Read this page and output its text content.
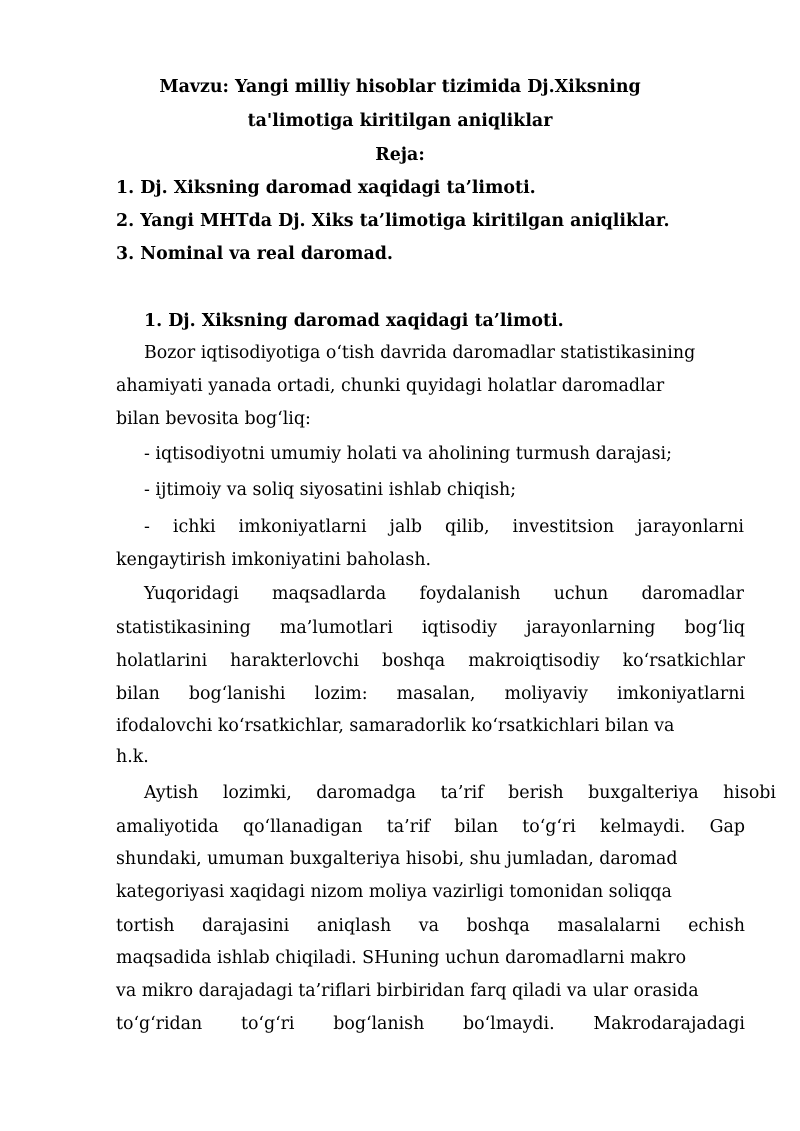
Mavzu: Yangi milliy hisoblar tizimida Dj.Xiksning

ta'limotiga kiritilgan aniqliklar

Reja:

1. Dj. Xiksning daromad xaqidagi ta’limoti.

2. Yangi MHTda Dj. Xiks ta’limotiga kiritilgan aniqliklar.

3. Nominal va real daromad.

1. Dj. Xiksning daromad xaqidagi ta’limoti.

Bozor iqtisodiyotiga o‘tish davrida daromadlar statistikasining

ahamiyati yanada ortadi, chunki quyidagi holatlar daromadlar

bilan bevosita bog‘liq:

- iqtisodiyotni umumiy holati va aholining turmush darajasi;

- ijtimoiy va soliq siyosatini ishlab chiqish;

- ichki imkoniyatlarni jalb qilib, investitsion jarayonlarni

kengaytirish imkoniyatini baholash.

Yuqoridagi maqsadlarda foydalanish uchun daromadlar

statistikasining ma’lumotlari iqtisodiy jarayonlarning bog‘liq

holatlarini harakterlovchi boshqa makroiqtisodiy ko‘rsatkichlar

bilan bog‘lanishi lozim: masalan, moliyaviy imkoniyatlarni

ifodalovchi ko‘rsatkichlar, samaradorlik ko‘rsatkichlari bilan va

h.k.

Aytish lozimki, daromadga ta’rif berish buxgalteriya hisobi

amaliyotida qo‘llanadigan ta’rif bilan to‘g‘ri kelmaydi. Gap

shundaki, umuman buxgalteriya hisobi, shu jumladan, daromad

kategoriyasi xaqidagi nizom moliya vazirligi tomonidan soliqqa

tortish darajasini aniqlash va boshqa masalalarni echish

maqsadida ishlab chiqiladi. SHuning uchun daromadlarni makro

va mikro darajadagi ta’riflari birbiridan farq qiladi va ular orasida

to‘g‘ridan to‘g‘ri bog‘lanish bo‘lmaydi. Makrodarajadagi
